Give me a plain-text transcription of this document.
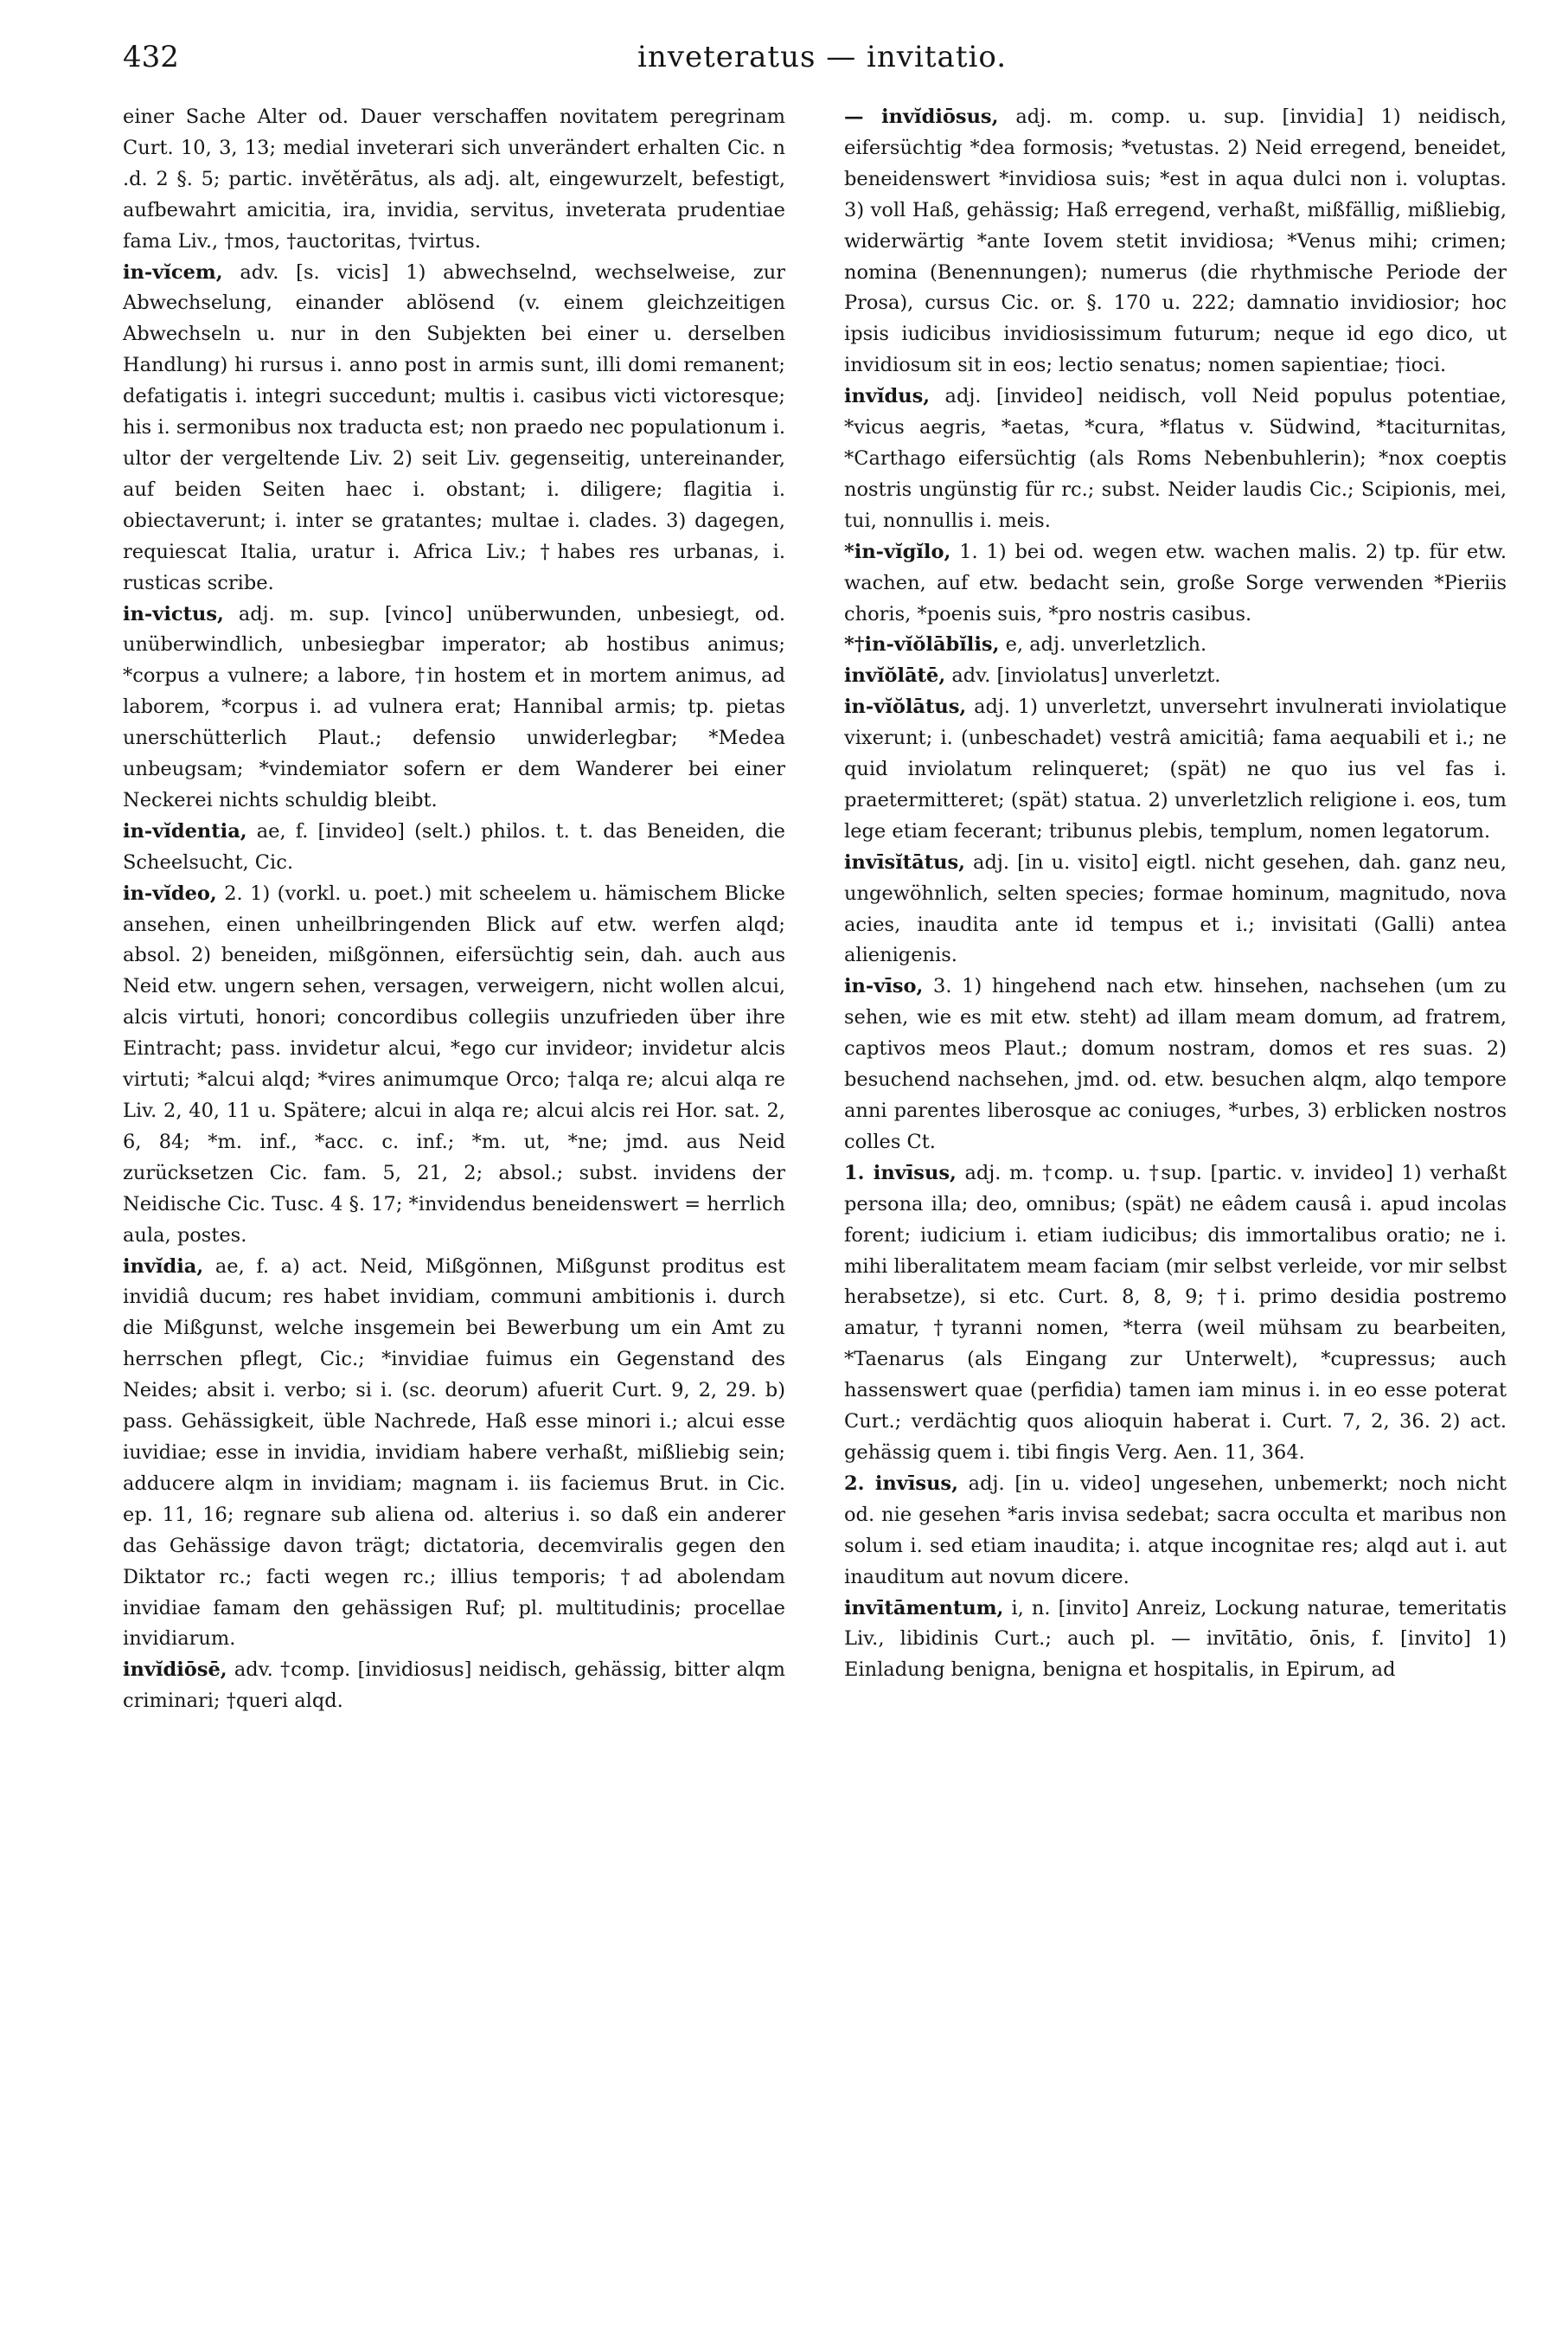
432	inveteratus — invitatio.

einer Sache Alter od. Dauer verschaffen novitatem peregrinam Curt. 10, 3, 13; medial inveterari sich unverändert erhalten Cic. n .d. 2 §. 5; partic. invĕtĕrātus, als adj. alt, eingewurzelt, befestigt, aufbewahrt amicitia, ira, invidia, servitus, inveterata prudentiae fama Liv., †mos, †auctoritas, †virtus.

in-vĭcem, adv. [s. vicis] 1) abwechselnd, wechselweise, zur Abwechselung, einander ablösend (v. einem gleichzeitigen Abwechseln u. nur in den Subjekten bei einer u. derselben Handlung) hi rursus i. anno post in armis sunt, illi domi remanent; defatigatis i. integri succedunt; multis i. casibus victi victoresque; his i. sermonibus nox traducta est; non praedo nec populationum i. ultor der vergeltende Liv. 2) seit Liv. gegenseitig, untereinander, auf beiden Seiten haec i. obstant; i. diligere; flagitia i. obiectaverunt; i. inter se gratantes; multae i. clades. 3) dagegen, requiescat Italia, uratur i. Africa Liv.; †habes res urbanas, i. rusticas scribe.

in-victus, adj. m. sup. [vinco] unüberwunden, unbesiegt, od. unüberwindlich, unbesiegbar imperator; ab hostibus animus; *corpus a vulnere; a labore, †in hostem et in mortem animus, ad laborem, *corpus i. ad vulnera erat; Hannibal armis; tp. pietas unerschütterlich Plaut.; defensio unwiderlegbar; *Medea unbeugsam; *vindemiator sofern er dem Wanderer bei einer Neckerei nichts schuldig bleibt.

in-vĭdentia, ae, f. [invideo] (selt.) philos. t. t. das Beneiden, die Scheelsucht, Cic.

in-vĭdeo, 2. 1) (vorkl. u. poet.) mit scheelem u. hämischem Blicke ansehen, einen unheilbringenden Blick auf etw. werfen alqd; absol. 2) beneiden, mißgönnen, eifersüchtig sein, dah. auch aus Neid etw. ungern sehen, versagen, verweigern, nicht wollen alcui, alcis virtuti, honori; concordibus collegiis unzufrieden über ihre Eintracht; pass. invidetur alcui, *ego cur invideor; invidetur alcis virtuti; *alcui alqd; *vires animumque Orco; †alqa re; alcui alqa re Liv. 2, 40, 11 u. Spätere; alcui in alqa re; alcui alcis rei Hor. sat. 2, 6, 84; *m. inf., *acc. c. inf.; *m. ut, *ne; jmd. aus Neid zurücksetzen Cic. fam. 5, 21, 2; absol.; subst. invidens der Neidische Cic. Tusc. 4 §. 17; *invidendus beneidenswert = herrlich aula, postes.

invĭdia, ae, f. a) act. Neid, Mißgönnen, Mißgunst proditus est invidiâ ducum; res habet invidiam, communi ambitionis i. durch die Mißgunst, welche insgemein bei Bewerbung um ein Amt zu herrschen pflegt, Cic.; *invidiae fuimus ein Gegenstand des Neides; absit i. verbo; si i. (sc. deorum) afuerit Curt. 9, 2, 29. b) pass. Gehässigkeit, üble Nachrede, Haß esse minori i.; alcui esse iuvidiae; esse in invidia, invidiam habere verhaßt, mißliebig sein; adducere alqm in invidiam; magnam i. iis faciemus Brut. in Cic. ep. 11, 16; regnare sub aliena od. alterius i. so daß ein anderer das Gehässige davon trägt; dictatoria, decemviralis gegen den Diktator rc.; facti wegen rc.; illius temporis; †ad abolendam invidiae famam den gehässigen Ruf; pl. multitudinis; procellae invidiarum.

invĭdiōsē, adv. †comp. [invidiosus] neidisch, gehässig, bitter alqm criminari; †queri alqd.

— invĭdiōsus, adj. m. comp. u. sup. [invidia] 1) neidisch, eifersüchtig *dea formosis; *vetustas. 2) Neid erregend, beneidet, beneidenswert *invidiosa suis; *est in aqua dulci non i. voluptas. 3) voll Haß, gehässig; Haß erregend, verhaßt, mißfällig, mißliebig, widerwärtig *ante Iovem stetit invidiosa; *Venus mihi; crimen; nomina (Benennungen); numerus (die rhythmische Periode der Prosa), cursus Cic. or. §. 170 u. 222; damnatio invidiosior; hoc ipsis iudicibus invidiosissimum futurum; neque id ego dico, ut invidiosum sit in eos; lectio senatus; nomen sapientiae; †ioci.

invĭdus, adj. [invideo] neidisch, voll Neid populus potentiae, *vicus aegris, *aetas, *cura, *flatus v. Südwind, *taciturnitas, *Carthago eifersüchtig (als Roms Nebenbuhlerin); *nox coeptis nostris ungünstig für rc.; subst. Neider laudis Cic.; Scipionis, mei, tui, nonnullis i. meis.

*in-vĭgĭlo, 1. 1) bei od. wegen etw. wachen malis. 2) tp. für etw. wachen, auf etw. bedacht sein, große Sorge verwenden *Pieriis choris, *poenis suis, *pro nostris casibus.

*†in-vĭŏlābĭlis, e, adj. unverletzlich.

invĭŏlātē, adv. [inviolatus] unverletzt.

in-vĭŏlātus, adj. 1) unverletzt, unversehrt invulnerati inviolatique vixerunt; i. (unbeschadet) vestrâ amicitiâ; fama aequabili et i.; ne quid inviolatum relinqueret; (spät) ne quo ius vel fas i. praetermitteret; (spät) statua. 2) unverletzlich religione i. eos, tum lege etiam fecerant; tribunus plebis, templum, nomen legatorum.

invīsĭtātus, adj. [in u. visito] eigtl. nicht gesehen, dah. ganz neu, ungewöhnlich, selten species; formae hominum, magnitudo, nova acies, inaudita ante id tempus et i.; invisitati (Galli) antea alienigenis.

in-vīso, 3. 1) hingehend nach etw. hinsehen, nachsehen (um zu sehen, wie es mit etw. steht) ad illam meam domum, ad fratrem, captivos meos Plaut.; domum nostram, domos et res suas. 2) besuchend nachsehen, jmd. od. etw. besuchen alqm, alqo tempore anni parentes liberosque ac coniuges, *urbes, 3) erblicken nostros colles Ct.

1. invīsus, adj. m. †comp. u. †sup. [partic. v. invideo] 1) verhaßt persona illa; deo, omnibus; (spät) ne eâdem causâ i. apud incolas forent; iudicium i. etiam iudicibus; dis immortalibus oratio; ne i. mihi liberalitatem meam faciam (mir selbst verleide, vor mir selbst herabsetze), si etc. Curt. 8, 8, 9; †i. primo desidia postremo amatur, †tyranni nomen, *terra (weil mühsam zu bearbeiten, *Taenarus (als Eingang zur Unterwelt), *cupressus; auch hassenswert quae (perfidia) tamen iam minus i. in eo esse poterat Curt.; verdächtig quos alioquin haberat i. Curt. 7, 2, 36. 2) act. gehässig quem i. tibi fingis Verg. Aen. 11, 364.

2. invīsus, adj. [in u. video] ungesehen, unbemerkt; noch nicht od. nie gesehen *aris invisa sedebat; sacra occulta et maribus non solum i. sed etiam inaudita; i. atque incognitae res; alqd aut i. aut inauditum aut novum dicere.

invītāmentum, i, n. [invito] Anreiz, Lockung naturae, temeritatis Liv., libidinis Curt.; auch pl. — invītātio, ōnis, f. [invito] 1) Einladung benigna, benigna et hospitalis, in Epirum, ad
